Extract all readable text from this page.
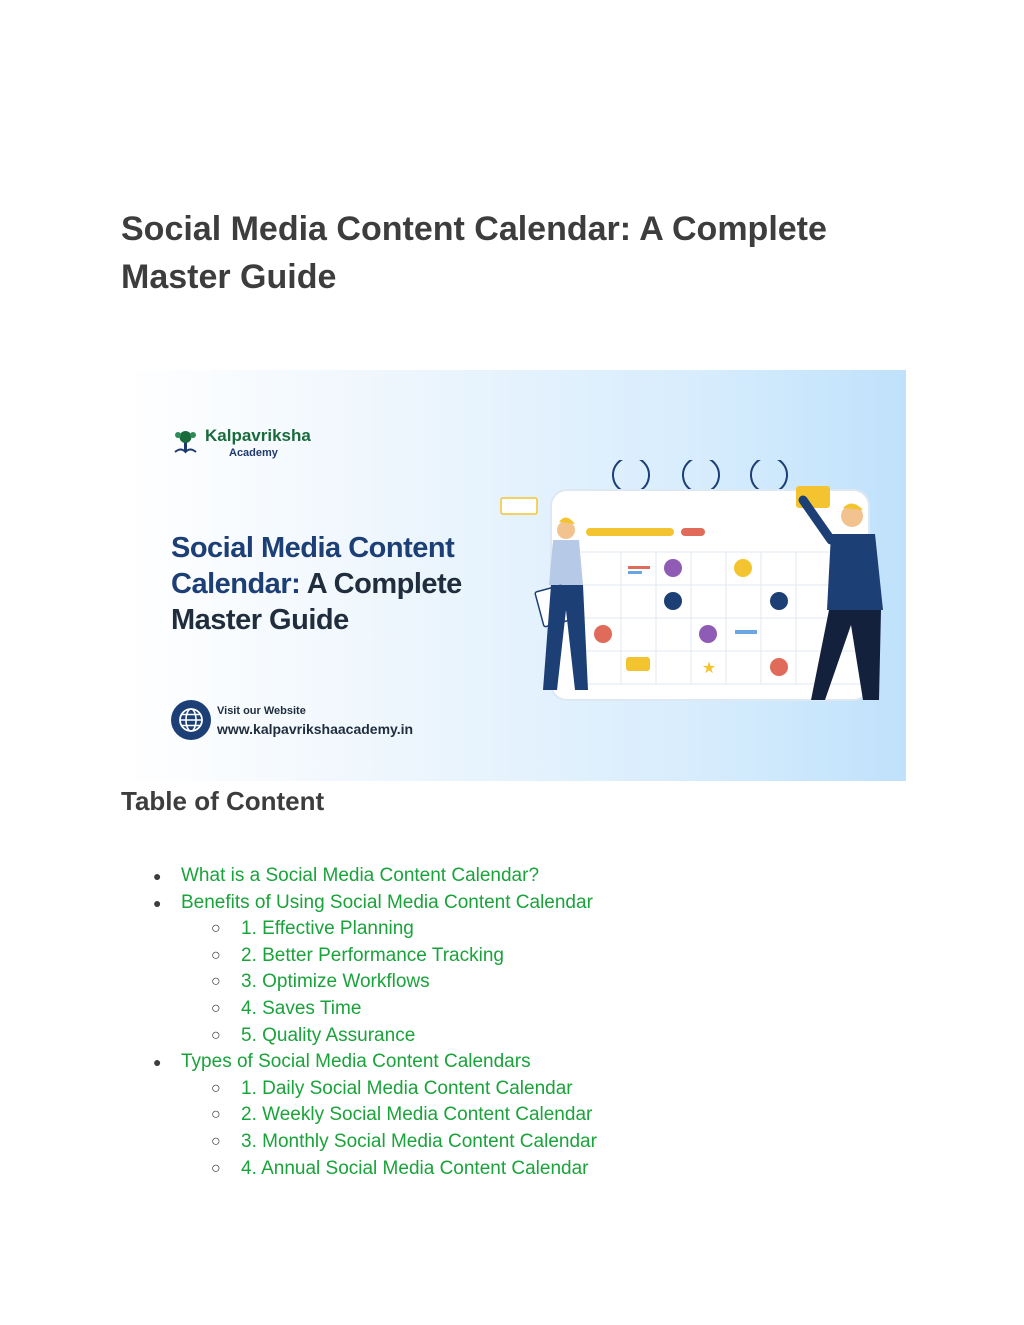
Social Media Content Calendar: A Complete Master Guide
Kalpavriksha
Academy
Social Media Content Calendar: A Complete Master Guide
Visit our Website
www.kalpavrikshaacademy.in
★
Table of Content
● What is a Social Media Content Calendar?
● Benefits of Using Social Media Content Calendar
○ 1. Effective Planning
○ 2. Better Performance Tracking
○ 3. Optimize Workflows
○ 4. Saves Time
○ 5. Quality Assurance
● Types of Social Media Content Calendars
○ 1. Daily Social Media Content Calendar
○ 2. Weekly Social Media Content Calendar
○ 3. Monthly Social Media Content Calendar
○ 4. Annual Social Media Content Calendar
